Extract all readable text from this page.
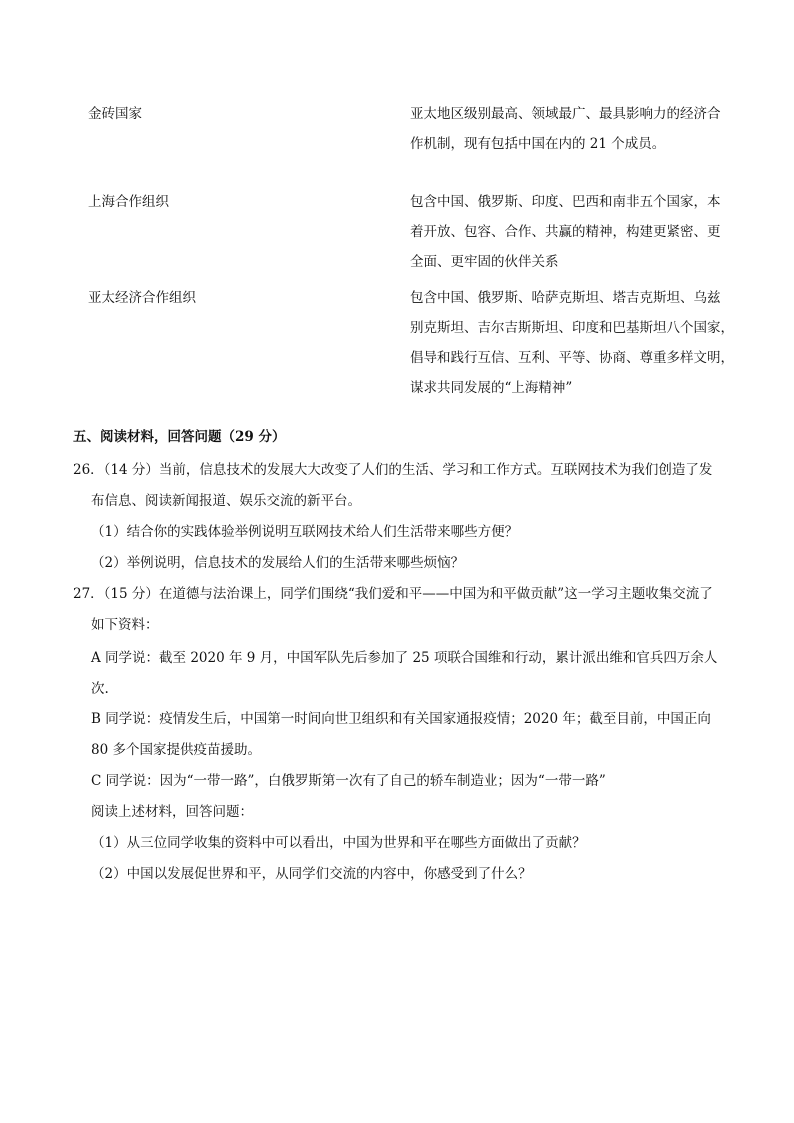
金砖国家	亚太地区级别最高、领域最广、最具影响力的经济合
作机制，现有包括中国在内的 21 个成员。
上海合作组织	包含中国、俄罗斯、印度、巴西和南非五个国家，本
着开放、包容、合作、共赢的精神，构建更紧密、更
全面、更牢固的伙伴关系
亚太经济合作组织	包含中国、俄罗斯、哈萨克斯坦、塔吉克斯坦、乌兹
别克斯坦、吉尔吉斯斯坦、印度和巴基斯坦八个国家，
倡导和践行互信、互利、平等、协商、尊重多样文明，
谋求共同发展的“上海精神”
五、阅读材料，回答问题（29 分）
26．（14 分）当前，信息技术的发展大大改变了人们的生活、学习和工作方式。互联网技术为我们创造了发
布信息、阅读新闻报道、娱乐交流的新平台。
（1）结合你的实践体验举例说明互联网技术给人们生活带来哪些方便？
（2）举例说明，信息技术的发展给人们的生活带来哪些烦恼？
27．（15 分）在道德与法治课上，同学们围绕“我们爱和平——中国为和平做贡献”这一学习主题收集交流了
如下资料：
A 同学说：截至 2020 年 9 月，中国军队先后参加了 25 项联合国维和行动，累计派出维和官兵四万余人
次.
B 同学说：疫情发生后，中国第一时间向世卫组织和有关国家通报疫情；2020 年；截至目前，中国正向
80 多个国家提供疫苗援助。
C 同学说：因为“一带一路”，白俄罗斯第一次有了自己的轿车制造业；因为“一带一路”
阅读上述材料，回答问题：
（1）从三位同学收集的资料中可以看出，中国为世界和平在哪些方面做出了贡献？
（2）中国以发展促世界和平，从同学们交流的内容中，你感受到了什么？
